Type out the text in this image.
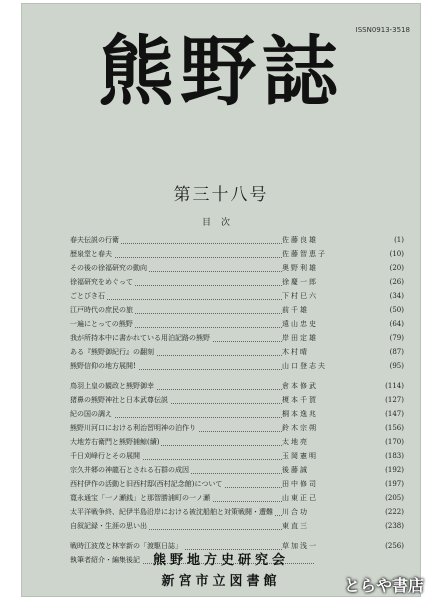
ISSN0913-3518
熊野誌
第三十八号
目次
春夫伝説の行衛	佐藤良雄	(1)
歴泉堂と春夫	佐藤智恵子	(10)
その後の徐福研究の動向	奥野利雄	(20)
徐福研究をめぐって	徐慶一郎	(26)
ごとびき石	下村巳六	(34)
江戸時代の庶民の旅	前千雄	(50)
一遍にとっての熊野	遠山忠史	(64)
我が所持本中に書かれている用泊記路の熊野	岸田定雄	(79)
ある『熊野御紀行』の翻刻	木村晴	(87)
熊野信仰の地方展開!	山口登志夫	(95)
鳥羽上皇の観政と熊野御幸	倉本修武	(114)
猪鼻の熊野神社と日本武尊伝説	榎本千賀	(127)
紀の国の調え	桐本逸兆	(147)
熊野川河口における利治習明神の泊作り	鈴木宗朔	(156)
大地芳右衛門と熊野捕鯨(續)	太地亮	(170)
千日刈峰行とその展開	玉岡憲明	(183)
宗久井郷の神龍石とされる石群の成因	後藤誠	(192)
西村伊作の活動と旧西村邸(西村記念館)について	田中修司	(197)
寛永通宝「一ノ瀬銭」と那智勝浦町の一ノ瀬	山東正己	(205)
太平洋戦争終、紀伊半島沿岸における被沈船舶と対策戦闘・遭難 川合功	(222)
自叙記録・生涯の思い出	東直三	(238)
戦時江波茂と林宰新の「渡駆日誌」	草加浅一	(256)
執筆者紹介・編集後記 熊野地方史研究会
新宮市立図書館	とらや書店
